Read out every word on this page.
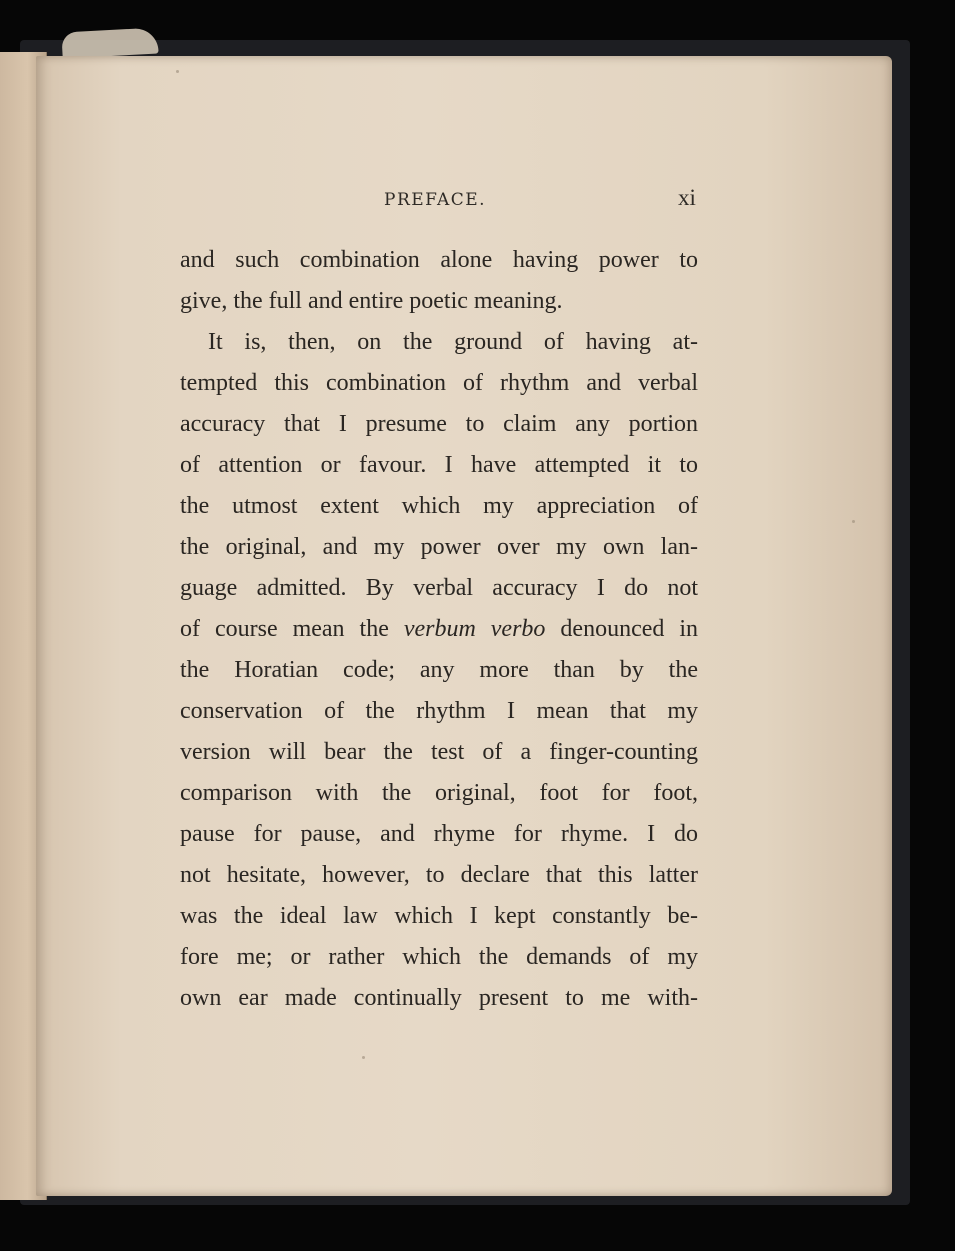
PREFACE.	xi
and such combination alone having power to
give, the full and entire poetic meaning.
It is, then, on the ground of having at-
tempted this combination of rhythm and verbal
accuracy that I presume to claim any portion
of attention or favour. I have attempted it to
the utmost extent which my appreciation of
the original, and my power over my own lan-
guage admitted. By verbal accuracy I do not
of course mean the verbum verbo denounced in
the Horatian code; any more than by the
conservation of the rhythm I mean that my
version will bear the test of a finger-counting
comparison with the original, foot for foot,
pause for pause, and rhyme for rhyme. I do
not hesitate, however, to declare that this latter
was the ideal law which I kept constantly be-
fore me; or rather which the demands of my
own ear made continually present to me with-
